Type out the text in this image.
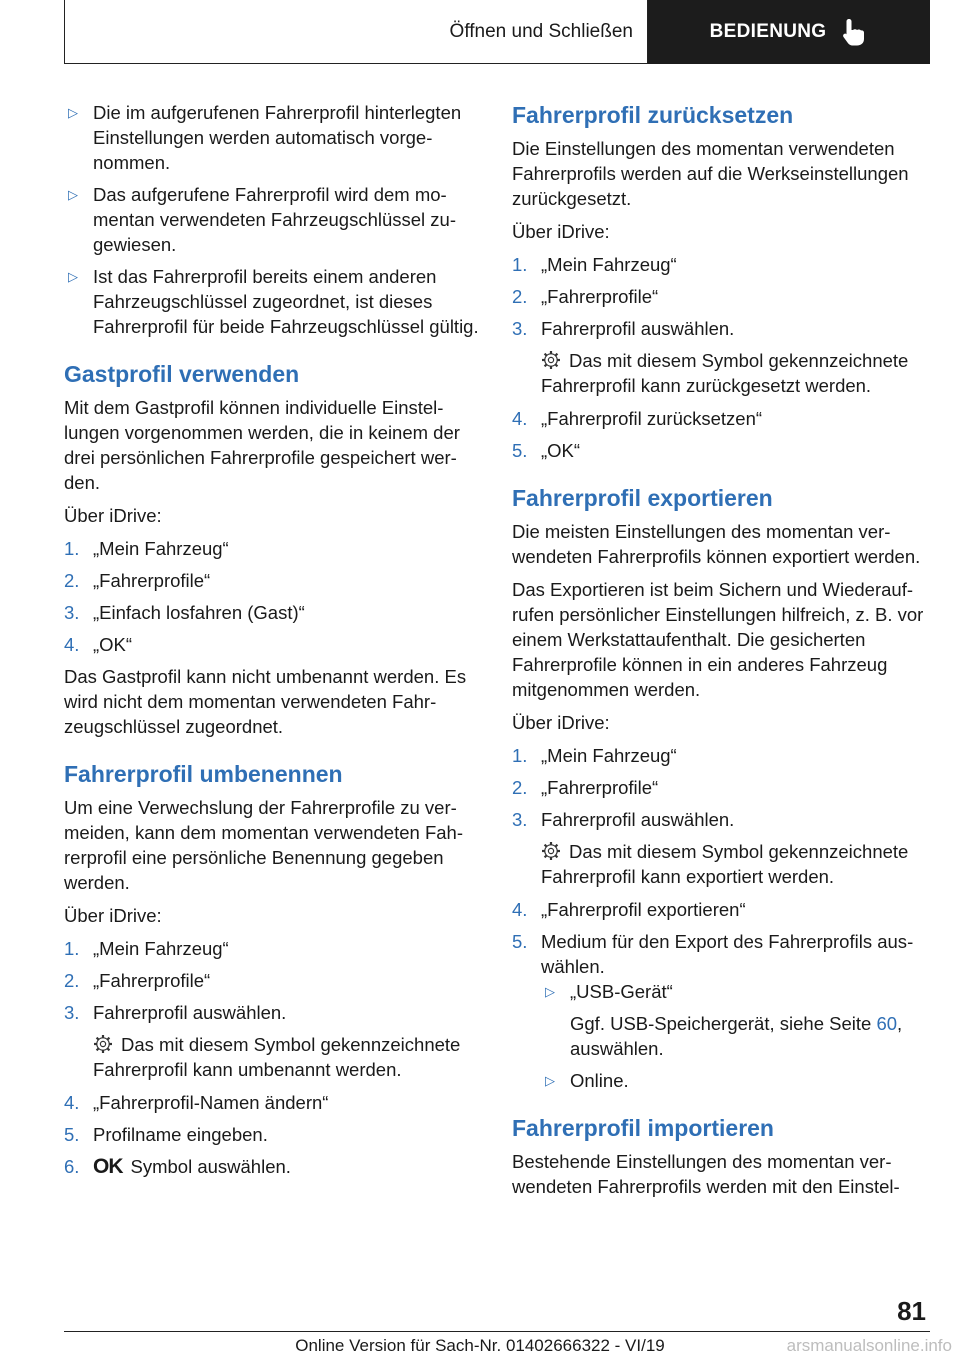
Öffnen und Schließen	BEDIENUNG
▷ Die im aufgerufenen Fahrerprofil hinterlegten Einstellungen werden automatisch vorgenommen.
▷ Das aufgerufene Fahrerprofil wird dem momentan verwendeten Fahrzeugschlüssel zugewiesen.
▷ Ist das Fahrerprofil bereits einem anderen Fahrzeugschlüssel zugeordnet, ist dieses Fahrerprofil für beide Fahrzeugschlüssel gültig.
Gastprofil verwenden

Mit dem Gastprofil können individuelle Einstellungen vorgenommen werden, die in keinem der drei persönlichen Fahrerprofile gespeichert werden.

Über iDrive:

1. „Mein Fahrzeug“
2. „Fahrerprofile“
3. „Einfach losfahren (Gast)“
4. „OK“

Das Gastprofil kann nicht umbenannt werden. Es wird nicht dem momentan verwendeten Fahrzeugschlüssel zugeordnet.

Fahrerprofil umbenennen

Um eine Verwechslung der Fahrerprofile zu vermeiden, kann dem momentan verwendeten Fahrerprofil eine persönliche Benennung gegeben werden.

Über iDrive:

1. „Mein Fahrzeug“
2. „Fahrerprofile“
3. Fahrerprofil auswählen.

Das mit diesem Symbol gekennzeichnete Fahrerprofil kann umbenannt werden.

4. „Fahrerprofil-Namen ändern“
5. Profilname eingeben.
6. OK Symbol auswählen.
Fahrerprofil zurücksetzen

Die Einstellungen des momentan verwendeten Fahrerprofils werden auf die Werkseinstellungen zurückgesetzt.

Über iDrive:

1. „Mein Fahrzeug“
2. „Fahrerprofile“
3. Fahrerprofil auswählen.

Das mit diesem Symbol gekennzeichnete Fahrerprofil kann zurückgesetzt werden.

4. „Fahrerprofil zurücksetzen“
5. „OK“
Fahrerprofil exportieren

Die meisten Einstellungen des momentan verwendeten Fahrerprofils können exportiert werden.

Das Exportieren ist beim Sichern und Wiederaufrufen persönlicher Einstellungen hilfreich, z. B. vor einem Werkstattaufenthalt. Die gesicherten Fahrerprofile können in ein anderes Fahrzeug mitgenommen werden.

Über iDrive:

1. „Mein Fahrzeug“
2. „Fahrerprofile“
3. Fahrerprofil auswählen.

Das mit diesem Symbol gekennzeichnete Fahrerprofil kann exportiert werden.

4. „Fahrerprofil exportieren“
5. Medium für den Export des Fahrerprofils auswählen.
▷ „USB-Gerät“
Ggf. USB-Speichergerät, siehe Seite 60, auswählen.
▷ Online.
Fahrerprofil importieren

Bestehende Einstellungen des momentan verwendeten Fahrerprofils werden mit den Einstel-

81
Online Version für Sach-Nr. 01402666322 - VI/19	arsmanualsonline.info
